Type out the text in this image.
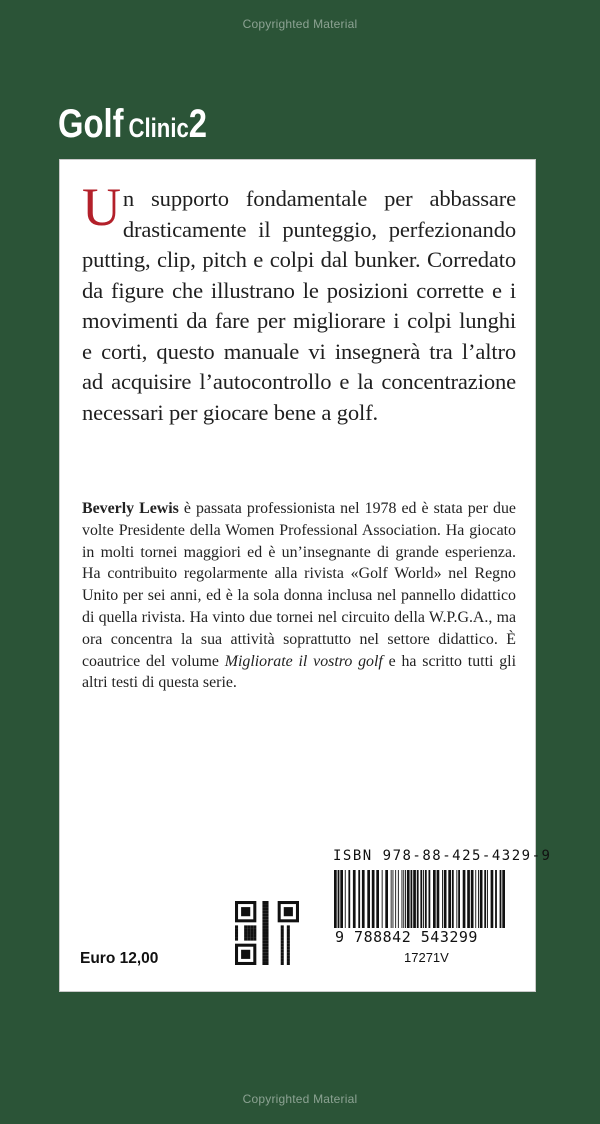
Copyrighted Material
Golf Clinic2

Un supporto fondamentale per abbassare drasticamente il punteggio, perfezionando putting, clip, pitch e colpi dal bunker. Corredato da figure che illustrano le posizioni corrette e i movimenti da fare per migliorare i colpi lunghi e corti, questo manuale vi insegnerà tra l’altro ad acquisire l’autocontrollo e la concentrazione necessari per giocare bene a golf.

Beverly Lewis è passata professionista nel 1978 ed è stata per due volte Presidente della Women Professional Association. Ha giocato in molti tornei maggiori ed è un’insegnante di grande esperienza. Ha contribuito regolarmente alla rivista «Golf World» nel Regno Unito per sei anni, ed è la sola donna inclusa nel pannello didattico di quella rivista. Ha vinto due tornei nel circuito della W.P.G.A., ma ora concentra la sua attività soprattutto nel settore didattico. È coautrice del volume Migliorate il vostro golf e ha scritto tutti gli altri testi di questa serie.

ISBN 978-88-425-4329-9
9 788842 543299
17271V
Euro 12,00
Copyrighted Material
